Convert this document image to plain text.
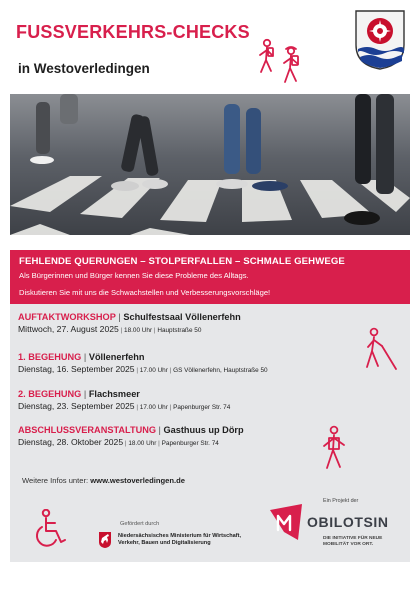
FUSSVERKEHRS-CHECKS
in Westoverledingen
FEHLENDE QUERUNGEN – STOLPERFALLEN – SCHMALE GEHWEGE
Als Bürgerinnen und Bürger kennen Sie diese Probleme des Alltags.
Diskutieren Sie mit uns die Schwachstellen und Verbesserungsvorschläge!
AUFTAKTWORKSHOP | Schulfestsaal Völlenerfehn
Mittwoch, 27. August 2025 | 18.00 Uhr | Hauptstraße 50
1. BEGEHUNG | Völlenerfehn
Dienstag, 16. September 2025 | 17.00 Uhr | GS Völlenerfehn, Hauptstraße 50
2. BEGEHUNG | Flachsmeer
Dienstag, 23. September 2025 | 17.00 Uhr | Papenburger Str. 74
ABSCHLUSSVERANSTALTUNG | Gasthuus up Dörp
Dienstag, 28. Oktober 2025 | 18.00 Uhr | Papenburger Str. 74
Weitere Infos unter: www.westoverledingen.de
Gefördert durch
Niedersächsisches Ministerium für Wirtschaft,
Verkehr, Bauen und Digitalisierung
Ein Projekt der
OBILOTSIN
DIE INITIATIVE FÜR NEUE
MOBILITÄT VOR ORT.
